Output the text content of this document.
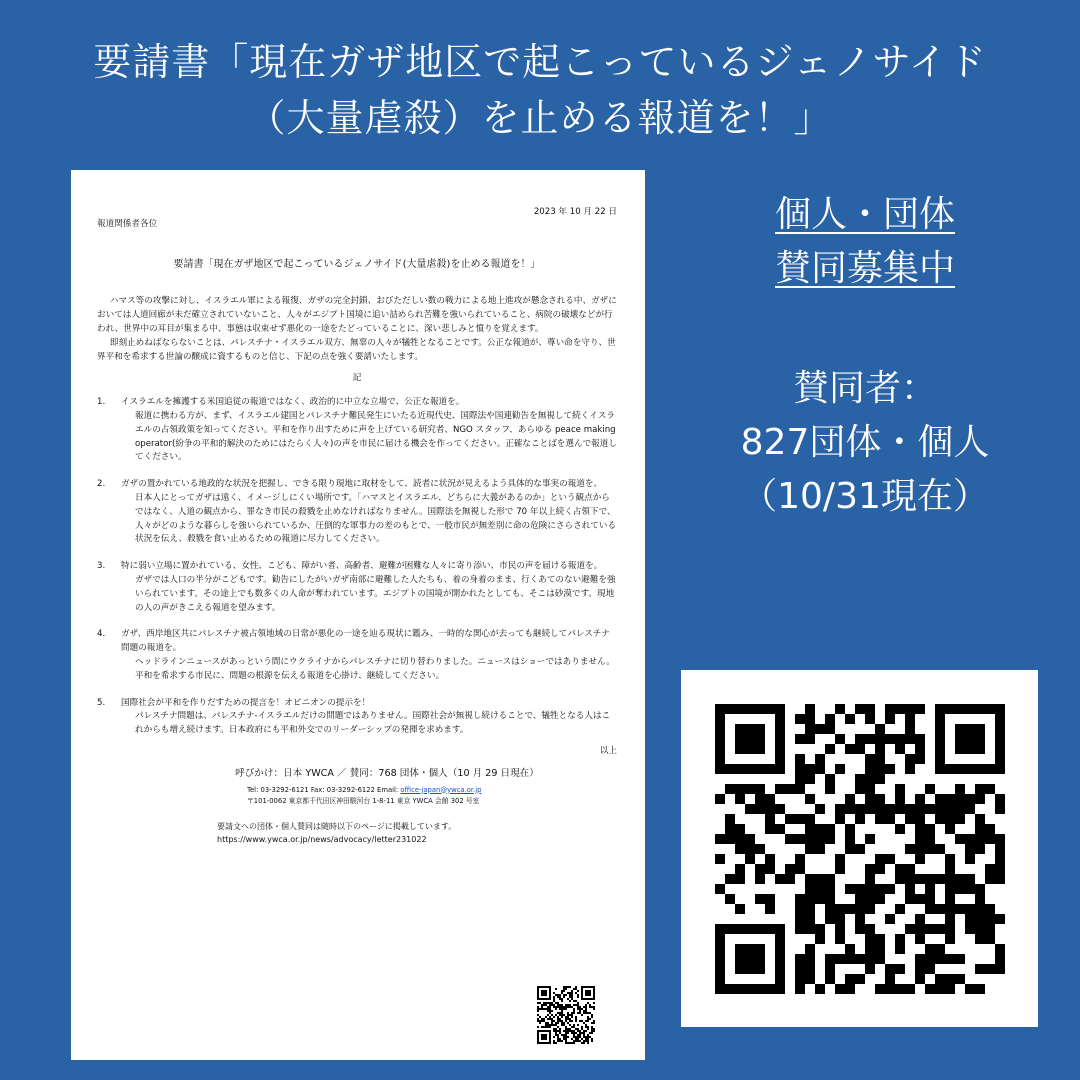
要請書「現在ガザ地区で起こっているジェノサイド
（大量虐殺）を止める報道を！」
2023 年 10 月 22 日
報道関係者各位
要請書「現在ガザ地区で起こっているジェノサイド(大量虐殺)を止める報道を！」

ハマス等の攻撃に対し、イスラエル軍による報復、ガザの完全封鎖、おびただしい数の戦力による地上進攻が懸念される中、ガザにおいては人道回廊が未だ確立されていないこと、人々がエジプト国境に追い詰められ苦難を強いられていること、病院の破壊などが行われ、世界中の耳目が集まる中、事態は収束せず悪化の一途をたどっていることに、深い悲しみと憤りを覚えます。

即刻止めねばならないことは、パレスチナ・イスラエル双方、無辜の人々が犠牲となることです。公正な報道が、尊い命を守り、世界平和を希求する世論の醸成に資するものと信じ、下記の点を強く要請いたします。

記
1.	イスラエルを擁護する米国追従の報道ではなく、政治的に中立な立場で、公正な報道を。
報道に携わる方が、まず、イスラエル建国とパレスチナ難民発生にいたる近現代史、国際法や国連勧告を無視して続くイスラエルの占領政策を知ってください。平和を作り出すために声を上げている研究者、NGO スタッフ、あらゆる peace making operator(紛争の平和的解決のためにはたらく人々)の声を市民に届ける機会を作ってください。正確なことばを選んで報道してください。
2.	ガザの置かれている地政的な状況を把握し、できる限り現地に取材をして、読者に状況が見えるよう具体的な事実の報道を。
日本人にとってガザは遠く、イメージしにくい場所です。「ハマスとイスラエル、どちらに大義があるのか」という観点からではなく、人道の観点から、罪なき市民の殺戮を止めなければなりません。国際法を無視した形で 70 年以上続く占領下で、人々がどのような暮らしを強いられているか、圧倒的な軍事力の差のもとで、一般市民が無差別に命の危険にさらされている状況を伝え、殺戮を食い止めるための報道に尽力してください。
3.	特に弱い立場に置かれている、女性、こども、障がい者、高齢者、避難が困難な人々に寄り添い、市民の声を届ける報道を。
ガザでは人口の半分がこどもです。勧告にしたがいガザ南部に避難した人たちも、着の身着のまま、行くあてのない避難を強いられています。その途上でも数多くの人命が奪われています。エジプトの国境が開かれたとしても、そこは砂漠です。現地の人の声がきこえる報道を望みます。
4.	ガザ、西岸地区共にパレスチナ被占領地域の日常が悪化の一途を辿る現状に鑑み、一時的な関心が去っても継続してパレスチナ問題の報道を。
ヘッドラインニュースがあっという間にウクライナからパレスチナに切り替わりました。ニュースはショーではありません。平和を希求する市民に、問題の根源を伝える報道を心掛け、継続してください。
5.	国際社会が平和を作りだすための提言を！オピニオンの提示を！
パレスチナ問題は、パレスチナ-イスラエルだけの問題ではありません。国際社会が無視し続けることで、犠牲となる人はこれからも増え続けます。日本政府にも平和外交でのリーダーシップの発揮を求めます。
以上
呼びかけ：日本 YWCA ／ 賛同：768 団体・個人（10 月 29 日現在）
Tel: 03-3292-6121 Fax: 03-3292-6122 Email: office-japan@ywca.or.jp
〒101-0062 東京都千代田区神田駿河台 1-8-11 東京 YWCA 会館 302 号室
要請文への団体・個人賛同は随時以下のページに掲載しています。
https://www.ywca.or.jp/news/advocacy/letter231022
個人・団体
賛同募集中
賛同者：
827団体・個人
（10/31現在）
